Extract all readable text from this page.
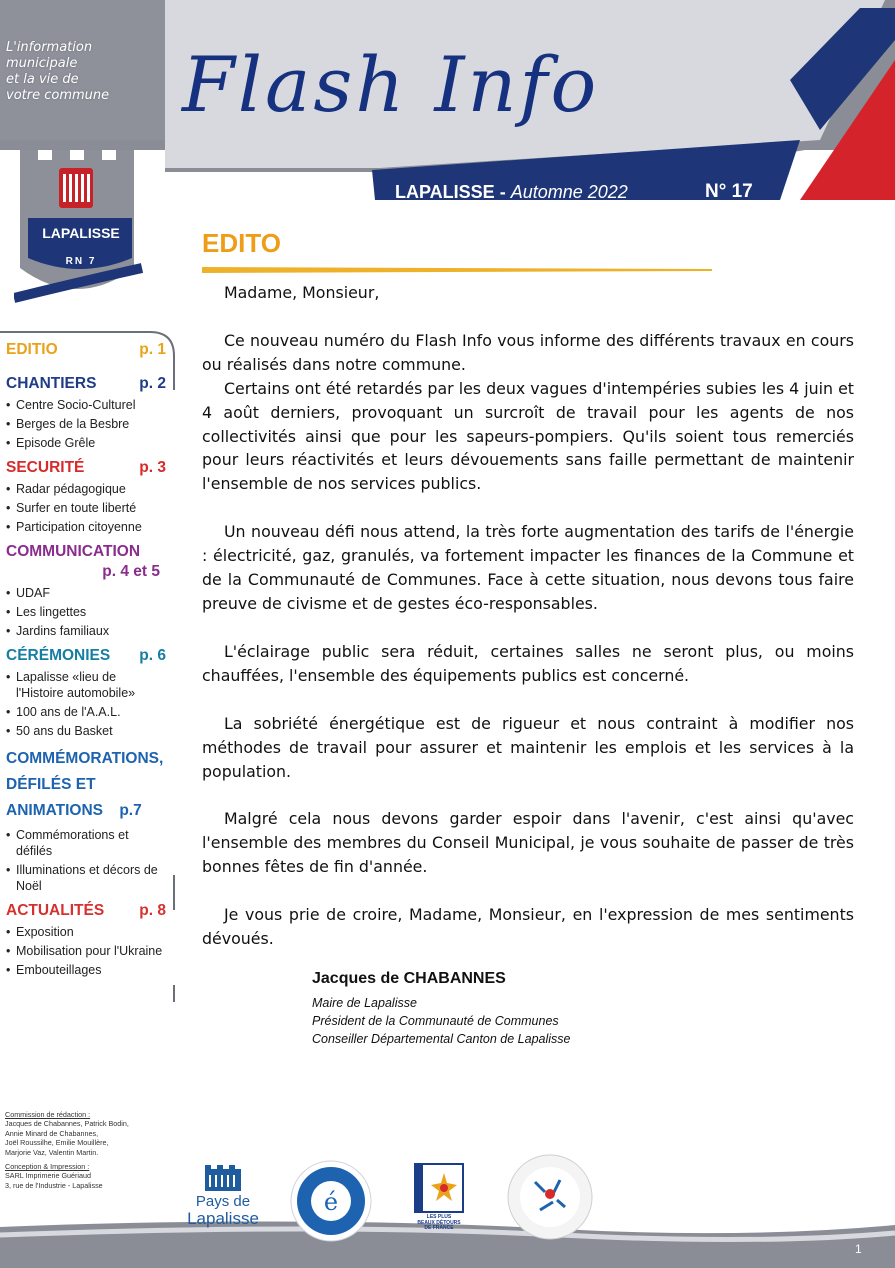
L'information
municipale
et la vie de
votre commune Flash Info
LAPALISSE - Automne 2022	N° 17
LAPALISSE
RN 7
ROUTE BLEUE
EDITIO	p. 1
CHANTIERS	p. 2
• Centre Socio-Culturel
• Berges de la Besbre
• Episode Grêle
SECURITÉ	p. 3
• Radar pédagogique
• Surfer en toute liberté
• Participation citoyenne
COMMUNICATION
p. 4 et 5
• UDAF
• Les lingettes
• Jardins familiaux
CÉRÉMONIES p. 6
• Lapalisse «lieu de l'Histoire automobile»
• 100 ans de l'A.A.L.
• 50 ans du Basket
COMMÉMORATIONS, DÉFILÉS ET ANIMATIONS p.7
• Commémorations et défilés
• Illuminations et décors de Noël
ACTUALITÉS p. 8
• Exposition
• Mobilisation pour l'Ukraine
• Embouteillages
Commission de rédaction :
Jacques de Chabannes, Patrick Bodin,
Annie Minard de Chabannes,
Joël Roussilhe, Emilie Mouillère,
Marjorie Vaz, Valentin Martin.
Conception & Impression :
SARL Imprimerie Guériaud
3, rue de l'Industrie - Lapalisse
EDITO

Madame, Monsieur,

Ce nouveau numéro du Flash Info vous informe des différents travaux en cours ou réalisés dans notre commune.

Certains ont été retardés par les deux vagues d'intempéries subies les 4 juin et 4 août derniers, provoquant un surcroît de travail pour les agents de nos collectivités ainsi que pour les sapeurs-pompiers. Qu'ils soient tous remerciés pour leurs réactivités et leurs dévouements sans faille permettant de maintenir l'ensemble de nos services publics.

Un nouveau défi nous attend, la très forte augmentation des tarifs de l'énergie : électricité, gaz, granulés, va fortement impacter les finances de la Commune et de la Communauté de Communes. Face à cette situation, nous devons tous faire preuve de civisme et de gestes éco-responsables.

L'éclairage public sera réduit, certaines salles ne seront plus, ou moins chauffées, l'ensemble des équipements publics est concerné.

La sobriété énergétique est de rigueur et nous contraint à modifier nos méthodes de travail pour assurer et maintenir les emplois et les services à la population.

Malgré cela nous devons garder espoir dans l'avenir, c'est ainsi qu'avec l'ensemble des membres du Conseil Municipal, je vous souhaite de passer de très bonnes fêtes de fin d'année.

Je vous prie de croire, Madame, Monsieur, en l'expression de mes sentiments dévoués.

Jacques de CHABANNES
Maire de Lapalisse
Président de la Communauté de Communes
Conseiller Départemental Canton de Lapalisse
1
Pays de
Lapalisse
é
LES PLUS
BEAUX DÉTOURS
DE FRANCE
